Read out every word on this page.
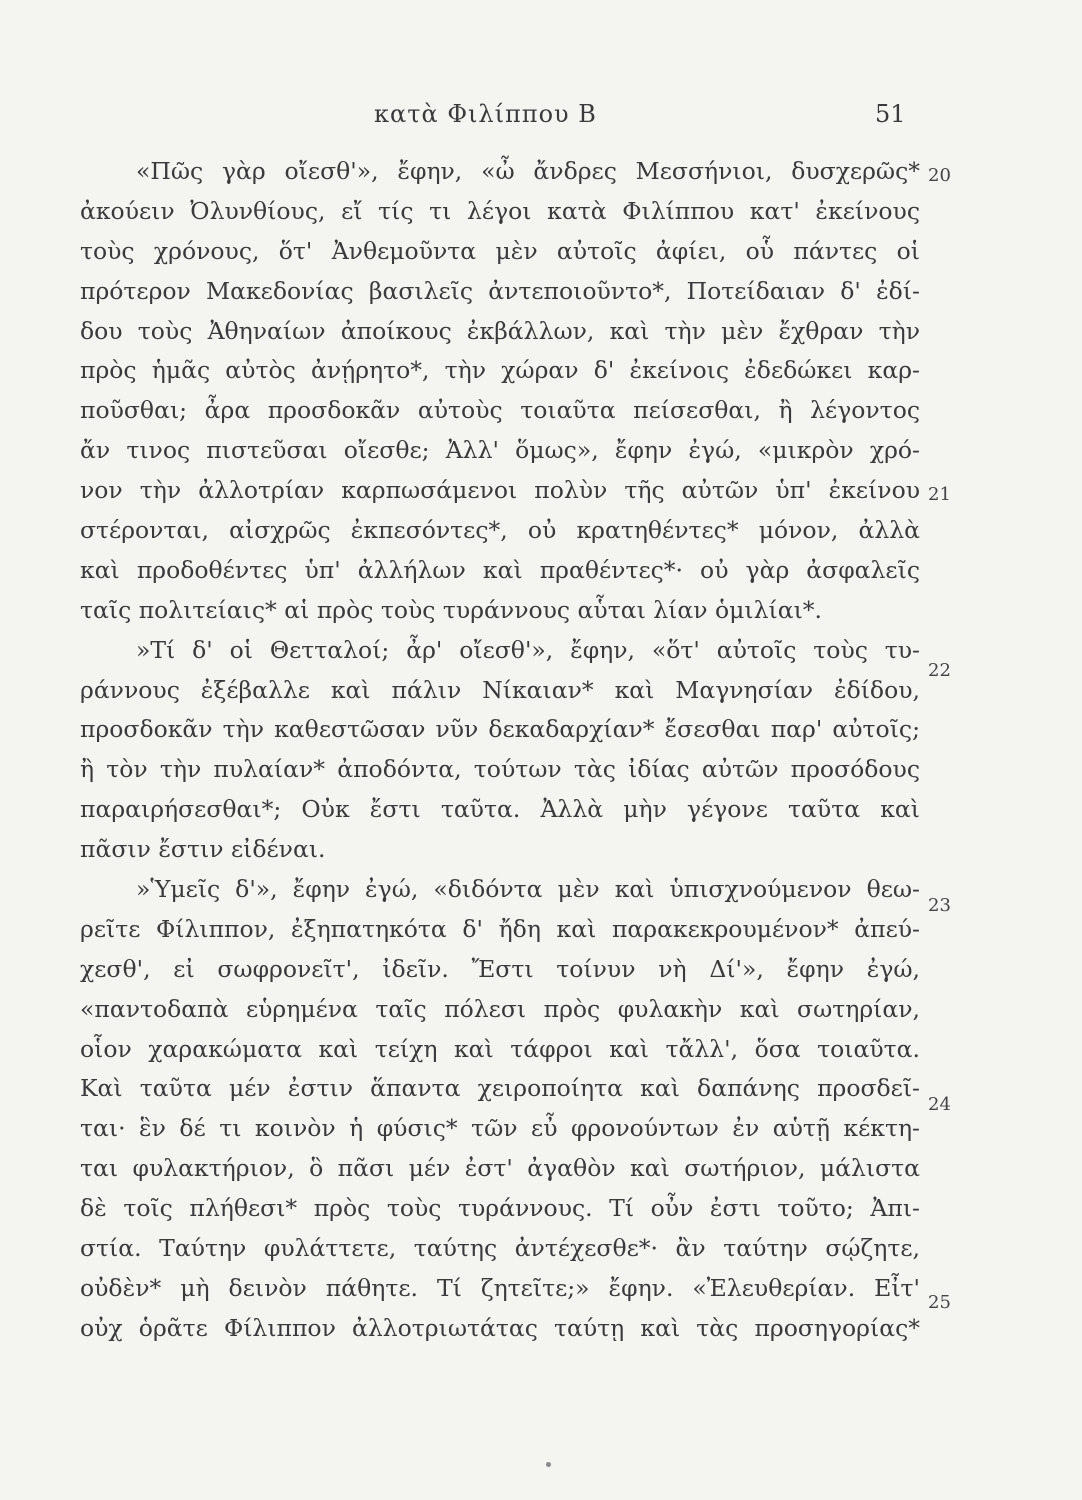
κατὰ Φιλίππου Β	51
«Πῶς γὰρ οἴεσθ'», ἔφην, «ὦ ἄνδρες Μεσσήνιοι, δυσχερῶς*
ἀκούειν Ὀλυνθίους, εἴ τίς τι λέγοι κατὰ Φιλίππου κατ' ἐκείνους
τοὺς χρόνους, ὅτ' Ἀνθεμοῦντα μὲν αὐτοῖς ἀφίει, οὗ πάντες οἱ
πρότερον Μακεδονίας βασιλεῖς ἀντεποιοῦντο*, Ποτείδαιαν δ' ἐδί-
δου τοὺς Ἀθηναίων ἀποίκους ἐκβάλλων, καὶ τὴν μὲν ἔχθραν τὴν
πρὸς ἡμᾶς αὐτὸς ἀνῄρητο*, τὴν χώραν δ' ἐκείνοις ἐδεδώκει καρ-
ποῦσθαι; ἆρα προσδοκᾶν αὐτοὺς τοιαῦτα πείσεσθαι, ἢ λέγοντος
ἄν τινος πιστεῦσαι οἴεσθε; Ἀλλ' ὅμως», ἔφην ἐγώ, «μικρὸν χρό-
νον τὴν ἀλλοτρίαν καρπωσάμενοι πολὺν τῆς αὐτῶν ὑπ' ἐκείνου
στέρονται, αἰσχρῶς ἐκπεσόντες*, οὐ κρατηθέντες* μόνον, ἀλλὰ
καὶ προδοθέντες ὑπ' ἀλλήλων καὶ πραθέντες*· οὐ γὰρ ἀσφαλεῖς
ταῖς πολιτείαις* αἱ πρὸς τοὺς τυράννους αὗται λίαν ὁμιλίαι*.
»Τί δ' οἱ Θετταλοί; ἆρ' οἴεσθ'», ἔφην, «ὅτ' αὐτοῖς τοὺς τυ-
ράννους ἐξέβαλλε καὶ πάλιν Νίκαιαν* καὶ Μαγνησίαν ἐδίδου,
προσδοκᾶν τὴν καθεστῶσαν νῦν δεκαδαρχίαν* ἔσεσθαι παρ' αὐτοῖς;
ἢ τὸν τὴν πυλαίαν* ἀποδόντα, τούτων τὰς ἰδίας αὐτῶν προσόδους
παραιρήσεσθαι*; Οὐκ ἔστι ταῦτα. Ἀλλὰ μὴν γέγονε ταῦτα καὶ
πᾶσιν ἔστιν εἰδέναι.
»Ὑμεῖς δ'», ἔφην ἐγώ, «διδόντα μὲν καὶ ὑπισχνούμενον θεω-
ρεῖτε Φίλιππον, ἐξηπατηκότα δ' ἤδη καὶ παρακεκρουμένον* ἀπεύ-
χεσθ', εἰ σωφρονεῖτ', ἰδεῖν. Ἔστι τοίνυν νὴ Δί'», ἔφην ἐγώ,
«παντοδαπὰ εὑρημένα ταῖς πόλεσι πρὸς φυλακὴν καὶ σωτηρίαν,
οἷον χαρακώματα καὶ τείχη καὶ τάφροι καὶ τἄλλ', ὅσα τοιαῦτα.
Καὶ ταῦτα μέν ἐστιν ἅπαντα χειροποίητα καὶ δαπάνης προσδεῖ-
ται· ἓν δέ τι κοινὸν ἡ φύσις* τῶν εὖ φρονούντων ἐν αὑτῇ κέκτη-
ται φυλακτήριον, ὃ πᾶσι μέν ἐστ' ἀγαθὸν καὶ σωτήριον, μάλιστα
δὲ τοῖς πλήθεσι* πρὸς τοὺς τυράννους. Τί οὖν ἐστι τοῦτο; Ἀπι-
στία. Ταύτην φυλάττετε, ταύτης ἀντέχεσθε*· ἂν ταύτην σῴζητε,
οὐδὲν* μὴ δεινὸν πάθητε. Τί ζητεῖτε;» ἔφην. «Ἐλευθερίαν. Εἶτ'
οὐχ ὁρᾶτε Φίλιππον ἀλλοτριωτάτας ταύτῃ καὶ τὰς προσηγορίας*
20
21
22
23
24
25
